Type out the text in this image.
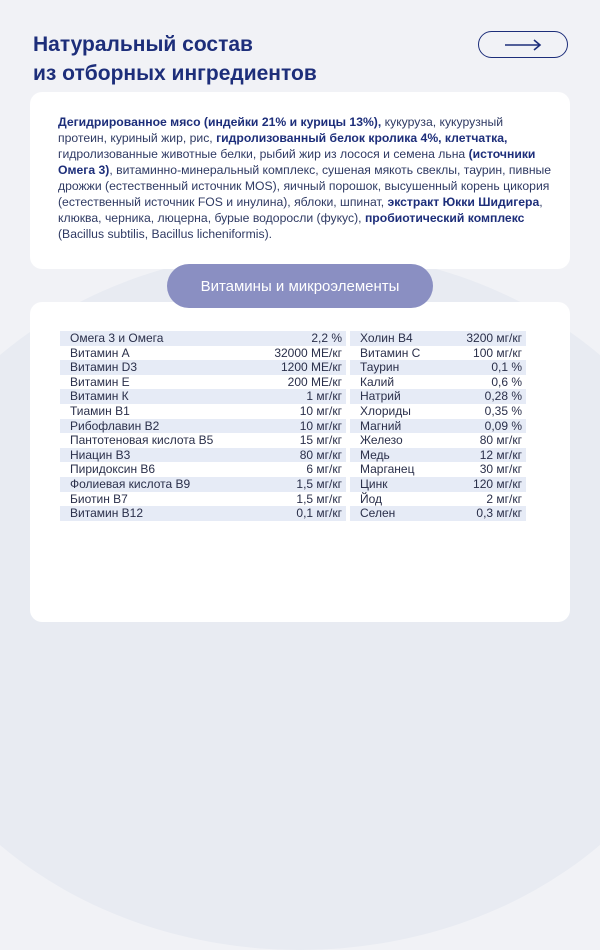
Натуральный состав
из отборных ингредиентов

Дегидрированное мясо (индейки 21% и курицы 13%), кукуруза, кукурузный протеин, куриный жир, рис, гидролизованный белок кролика 4%, клетчатка, гидролизованные животные белки, рыбий жир из лосося и семена льна (источники Омега 3), витаминно-минеральный комплекс, сушеная мякоть свеклы, таурин, пивные дрожжи (естественный источник MOS), яичный порошок, высушенный корень цикория (естественный источник FOS и инулина), яблоки, шпинат, экстракт Юкки Шидигера, клюква, черника, люцерна, бурые водоросли (фукус), пробиотический комплекс (Bacillus subtilis, Bacillus licheniformis).

Витамины и микроэлементы
Омега 3 и Омега	2,2 %
Витамин А	32000 МЕ/кг
Витамин D3	1200 МЕ/кг
Витамин Е	200 МЕ/кг
Витамин К	1 мг/кг
Тиамин В1	10 мг/кг
Рибофлавин В2	10 мг/кг
Пантотеновая кислота В5	15 мг/кг
Ниацин В3	80 мг/кг
Пиридоксин В6	6 мг/кг
Фолиевая кислота В9	1,5 мг/кг
Биотин В7	1,5 мг/кг
Витамин В12	0,1 мг/кг
Холин В4	3200 мг/кг
Витамин С	100 мг/кг
Таурин	0,1 %
Калий	0,6 %
Натрий	0,28 %
Хлориды	0,35 %
Магний	0,09 %
Железо	80 мг/кг
Медь	12 мг/кг
Марганец	30 мг/кг
Цинк	120 мг/кг
Йод	2 мг/кг
Селен	0,3 мг/кг
